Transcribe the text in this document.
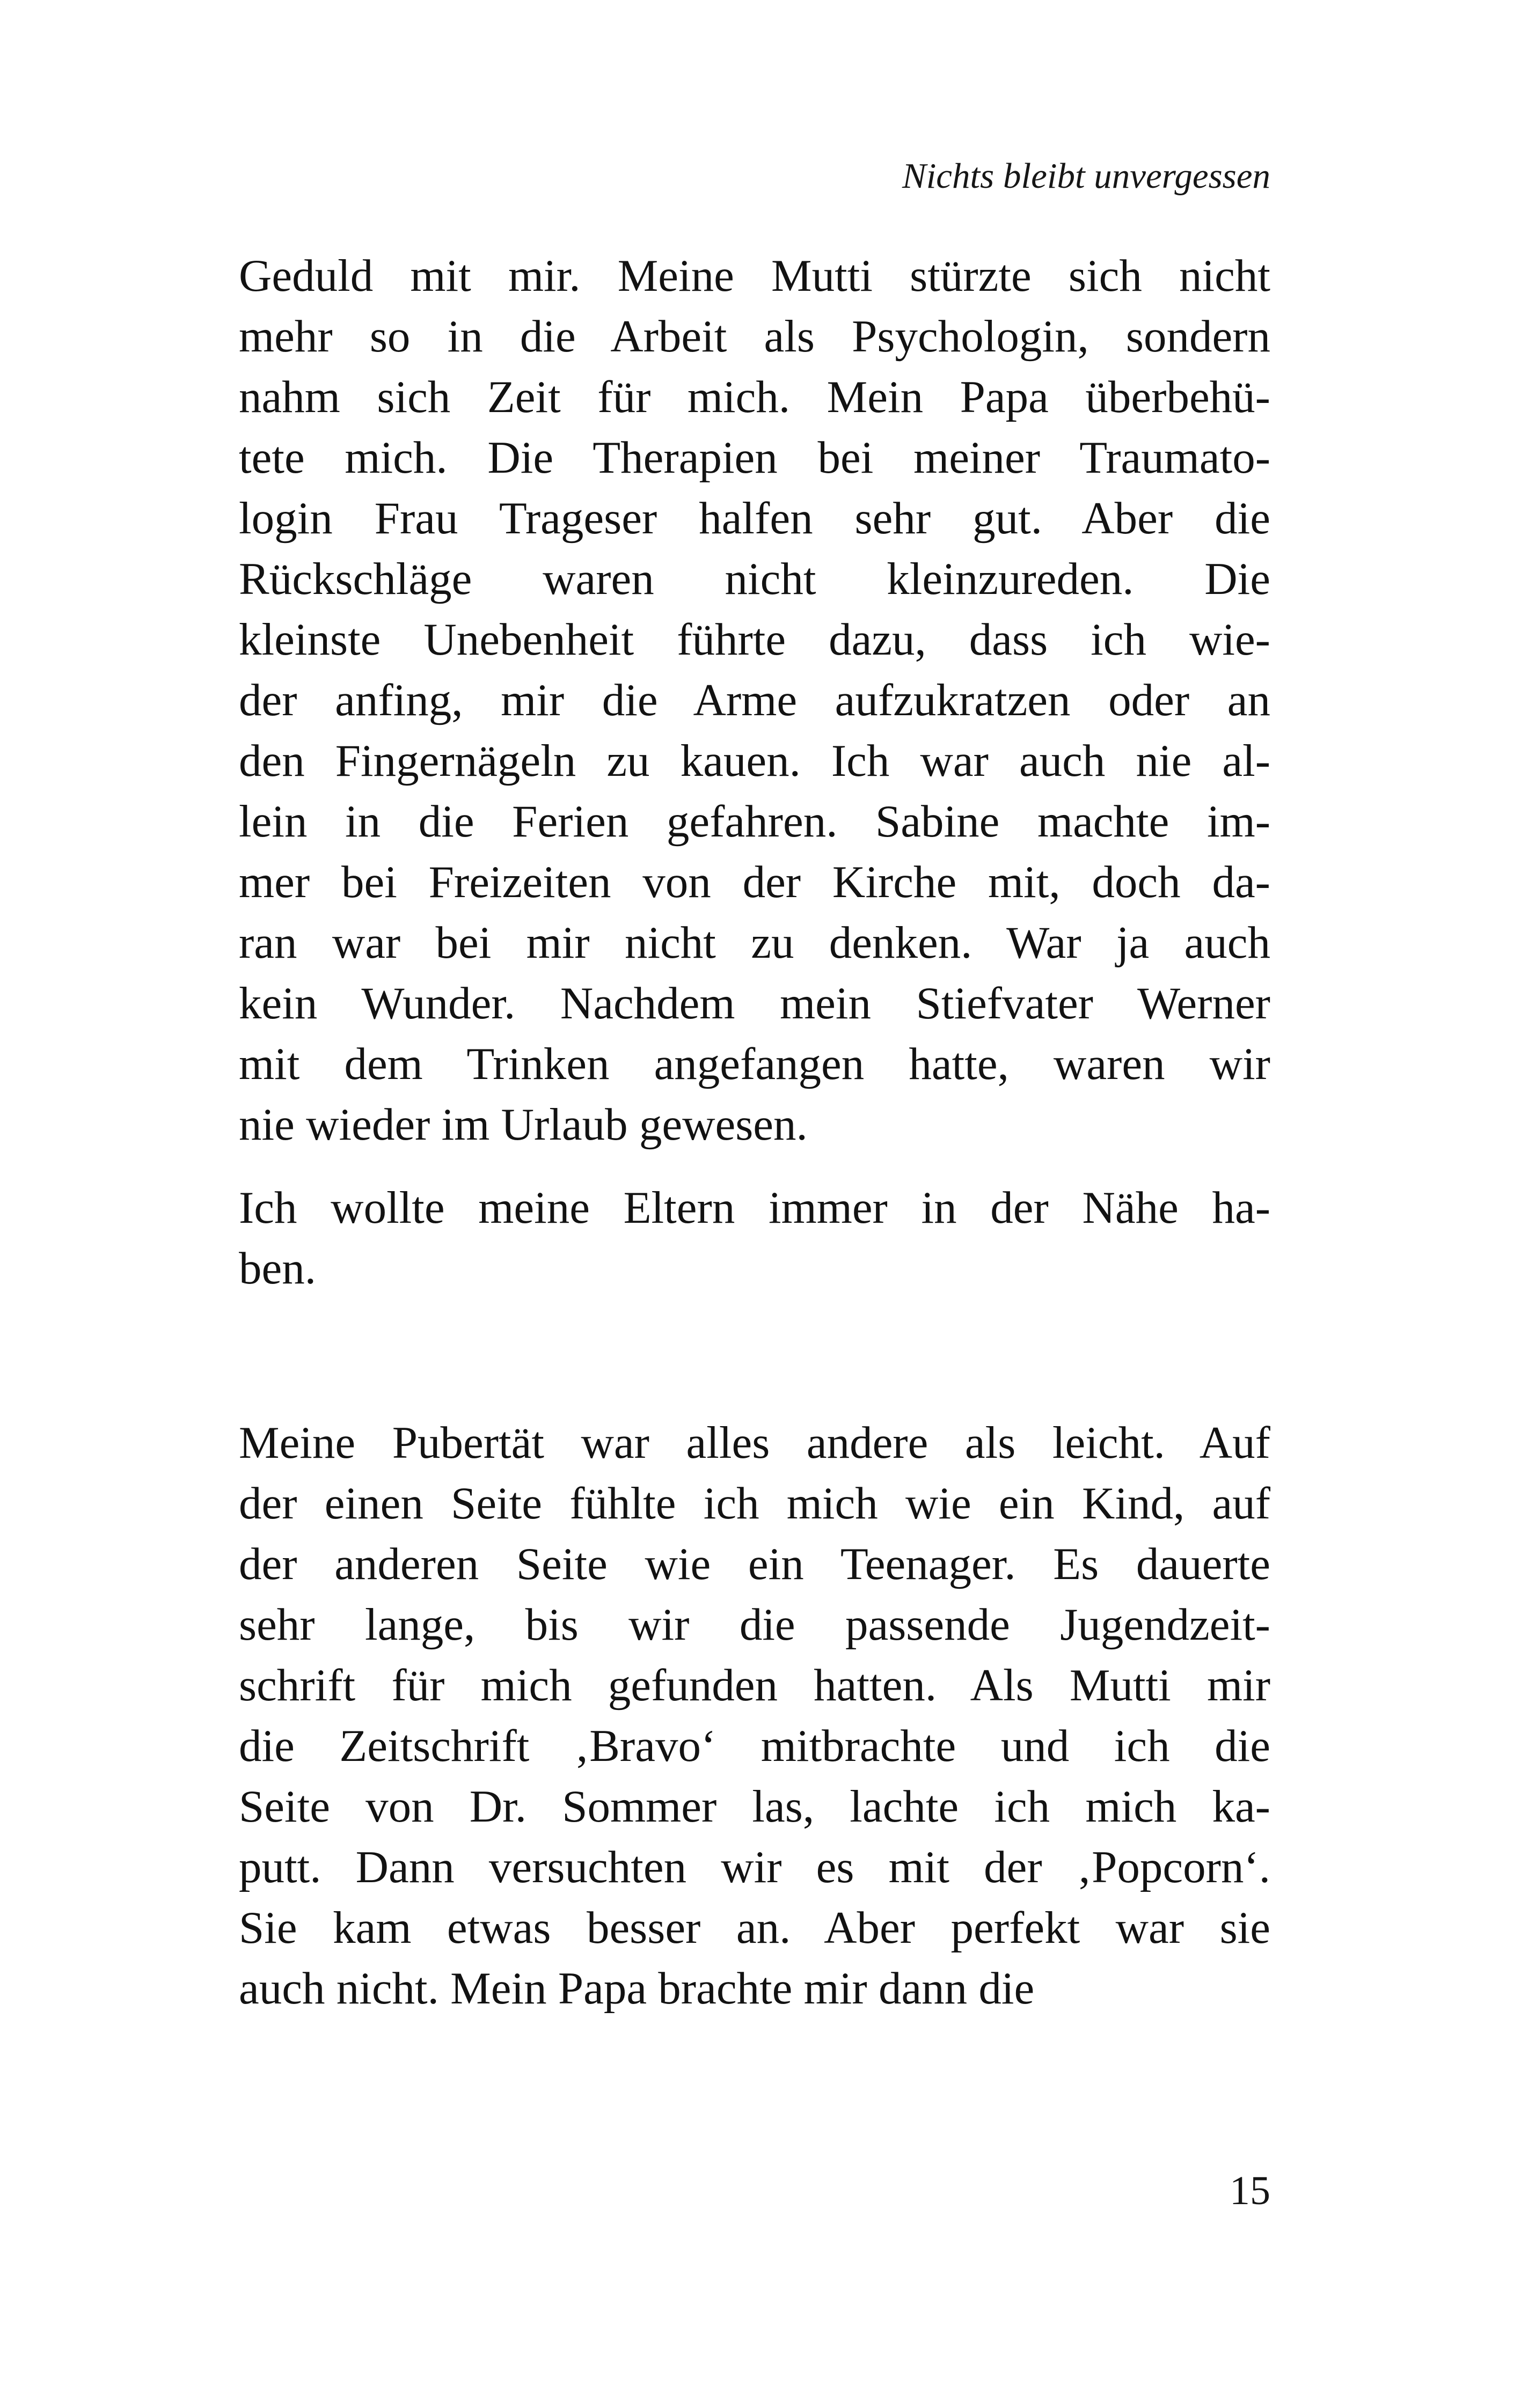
Nichts bleibt unvergessen
Geduld mit mir. Meine Mutti stürzte sich nicht
mehr so in die Arbeit als Psychologin, sondern
nahm sich Zeit für mich. Mein Papa überbehü-
tete mich. Die Therapien bei meiner Traumato-
login Frau Trageser halfen sehr gut. Aber die
Rückschläge waren nicht kleinzureden. Die
kleinste Unebenheit führte dazu, dass ich wie-
der anfing, mir die Arme aufzukratzen oder an
den Fingernägeln zu kauen. Ich war auch nie al-
lein in die Ferien gefahren. Sabine machte im-
mer bei Freizeiten von der Kirche mit, doch da-
ran war bei mir nicht zu denken. War ja auch
kein Wunder. Nachdem mein Stiefvater Werner
mit dem Trinken angefangen hatte, waren wir
nie wieder im Urlaub gewesen.
Ich wollte meine Eltern immer in der Nähe ha-
ben.
Meine Pubertät war alles andere als leicht. Auf
der einen Seite fühlte ich mich wie ein Kind, auf
der anderen Seite wie ein Teenager. Es dauerte
sehr lange, bis wir die passende Jugendzeit-
schrift für mich gefunden hatten. Als Mutti mir
die Zeitschrift ‚Bravo‘ mitbrachte und ich die
Seite von Dr. Sommer las, lachte ich mich ka-
putt. Dann versuchten wir es mit der ‚Popcorn‘.
Sie kam etwas besser an. Aber perfekt war sie
auch nicht. Mein Papa brachte mir dann die
15
